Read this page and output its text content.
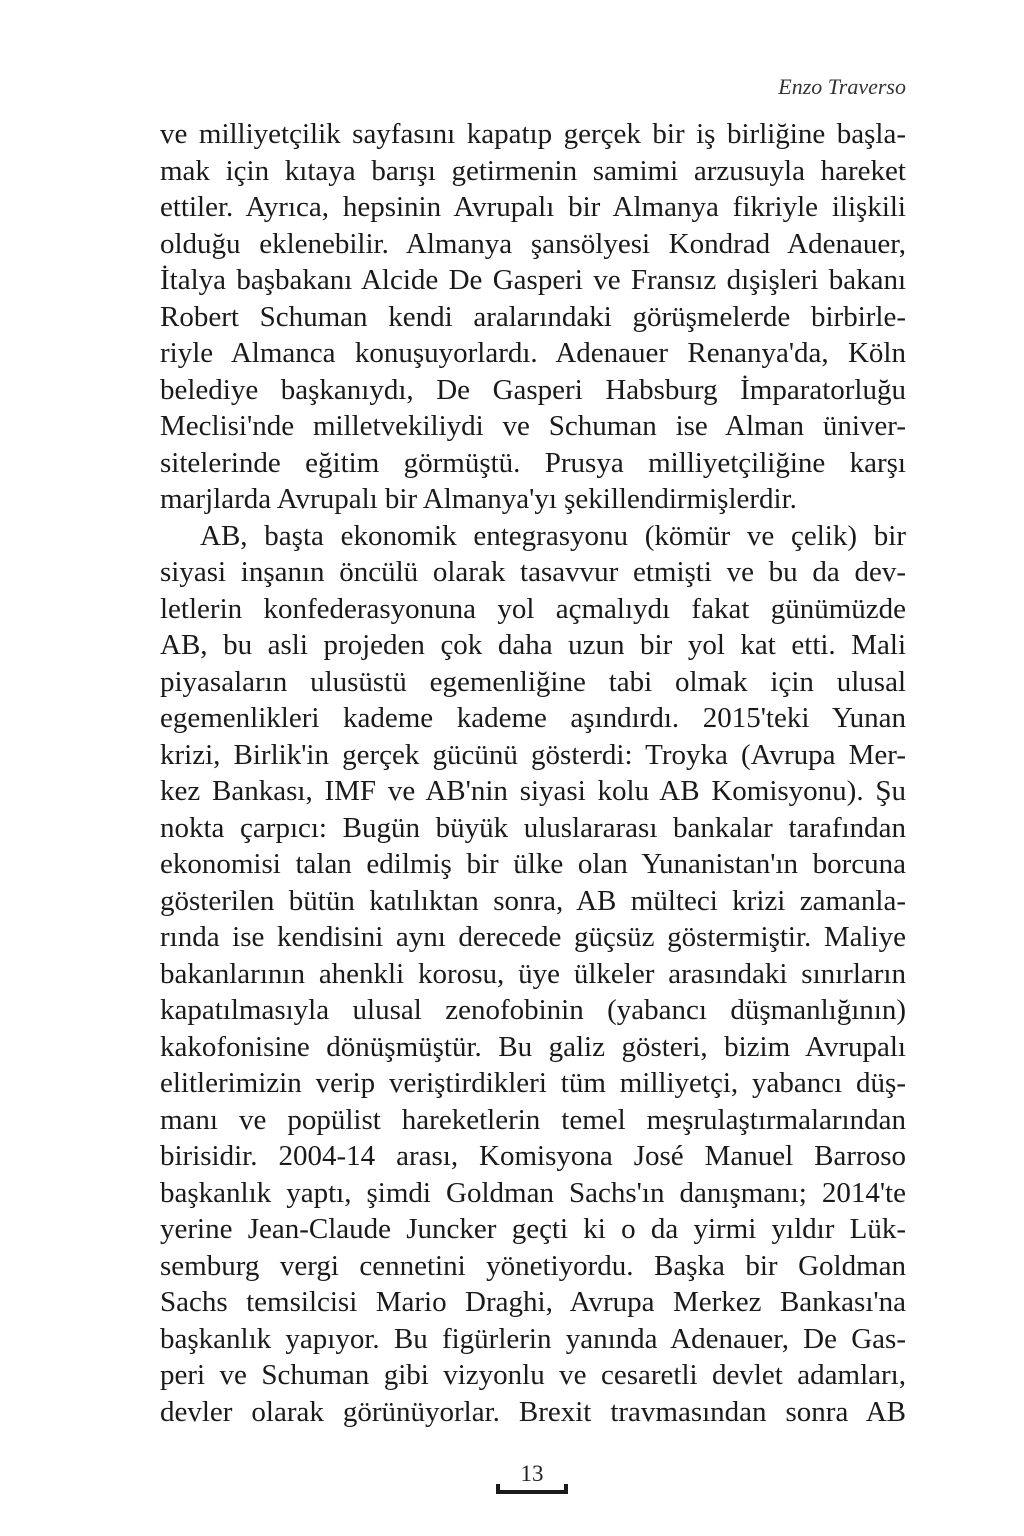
Enzo Traverso

ve milliyetçilik sayfasını kapatıp gerçek bir iş birliğine başla-
mak için kıtaya barışı getirmenin samimi arzusuyla hareket
ettiler. Ayrıca, hepsinin Avrupalı bir Almanya fikriyle ilişkili
olduğu eklenebilir. Almanya şansölyesi Kondrad Adenauer,
İtalya başbakanı Alcide De Gasperi ve Fransız dışişleri bakanı
Robert Schuman kendi aralarındaki görüşmelerde birbirle-
riyle Almanca konuşuyorlardı. Adenauer Renanya'da, Köln
belediye başkanıydı, De Gasperi Habsburg İmparatorluğu
Meclisi'nde milletvekiliydi ve Schuman ise Alman üniver-
sitelerinde eğitim görmüştü. Prusya milliyetçiliğine karşı
marjlarda Avrupalı bir Almanya'yı şekillendirmişlerdir.

AB, başta ekonomik entegrasyonu (kömür ve çelik) bir
siyasi inşanın öncülü olarak tasavvur etmişti ve bu da dev-
letlerin konfederasyonuna yol açmalıydı fakat günümüzde
AB, bu asli projeden çok daha uzun bir yol kat etti. Mali
piyasaların ulusüstü egemenliğine tabi olmak için ulusal
egemenlikleri kademe kademe aşındırdı. 2015'teki Yunan
krizi, Birlik'in gerçek gücünü gösterdi: Troyka (Avrupa Mer-
kez Bankası, IMF ve AB'nin siyasi kolu AB Komisyonu). Şu
nokta çarpıcı: Bugün büyük uluslararası bankalar tarafından
ekonomisi talan edilmiş bir ülke olan Yunanistan'ın borcuna
gösterilen bütün katılıktan sonra, AB mülteci krizi zamanla-
rında ise kendisini aynı derecede güçsüz göstermiştir. Maliye
bakanlarının ahenkli korosu, üye ülkeler arasındaki sınırların
kapatılmasıyla ulusal zenofobinin (yabancı düşmanlığının)
kakofonisine dönüşmüştür. Bu galiz gösteri, bizim Avrupalı
elitlerimizin verip veriştirdikleri tüm milliyetçi, yabancı düş-
manı ve popülist hareketlerin temel meşrulaştırmalarından
birisidir. 2004-14 arası, Komisyona José Manuel Barroso
başkanlık yaptı, şimdi Goldman Sachs'ın danışmanı; 2014'te
yerine Jean-Claude Juncker geçti ki o da yirmi yıldır Lük-
semburg vergi cennetini yönetiyordu. Başka bir Goldman
Sachs temsilcisi Mario Draghi, Avrupa Merkez Bankası'na
başkanlık yapıyor. Bu figürlerin yanında Adenauer, De Gas-
peri ve Schuman gibi vizyonlu ve cesaretli devlet adamları,
devler olarak görünüyorlar. Brexit travmasından sonra AB

13
